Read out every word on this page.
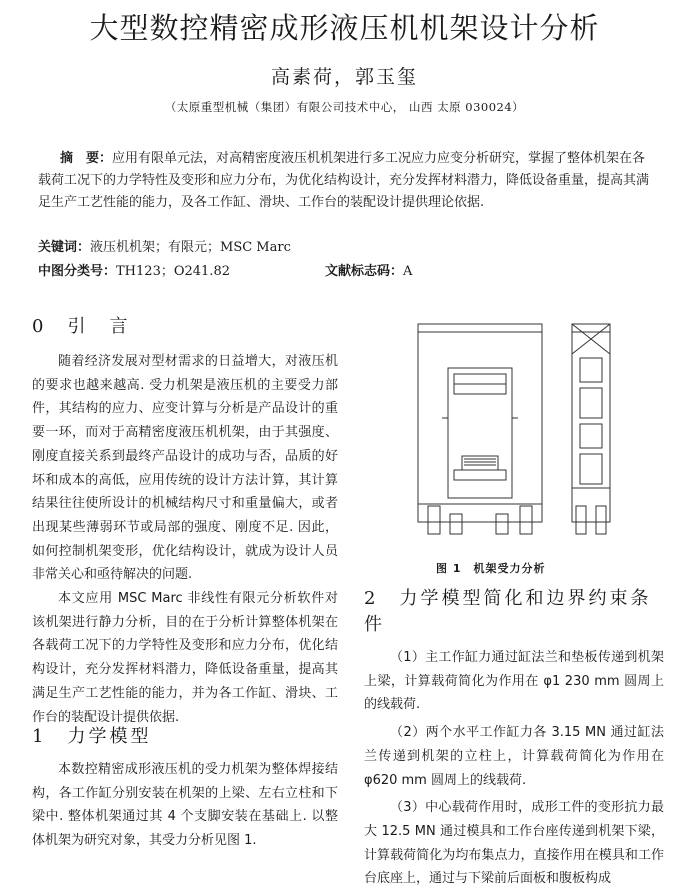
大型数控精密成形液压机机架设计分析
高素荷，郭玉玺
（太原重型机械（集团）有限公司技术中心， 山西 太原 030024）
摘　要：应用有限单元法，对高精密度液压机机架进行多工况应力应变分析研究，掌握了整体机架在各载荷工况下的力学特性及变形和应力分布，为优化结构设计，充分发挥材料潜力，降低设备重量，提高其满足生产工艺性能的能力，及各工作缸、滑块、工作台的装配设计提供理论依据.
关键词：液压机机架；有限元；MSC Marc
中图分类号：TH123；O241.82	文献标志码：A
0　引　言

随着经济发展对型材需求的日益增大，对液压机的要求也越来越高. 受力机架是液压机的主要受力部件，其结构的应力、应变计算与分析是产品设计的重要一环，而对于高精密度液压机机架，由于其强度、刚度直接关系到最终产品设计的成功与否，品质的好坏和成本的高低，应用传统的设计方法计算，其计算结果往往使所设计的机械结构尺寸和重量偏大，或者出现某些薄弱环节或局部的强度、刚度不足. 因此，如何控制机架变形，优化结构设计，就成为设计人员非常关心和亟待解决的问题.

本文应用 MSC Marc 非线性有限元分析软件对该机架进行静力分析，目的在于分析计算整体机架在各载荷工况下的力学特性及变形和应力分布，优化结构设计，充分发挥材料潜力，降低设备重量，提高其满足生产工艺性能的能力，并为各工作缸、滑块、工作台的装配设计提供依据.

1　力学模型

本数控精密成形液压机的受力机架为整体焊接结构，各工作缸分别安装在机架的上梁、左右立柱和下梁中. 整体机架通过其 4 个支脚安装在基础上. 以整体机架为研究对象，其受力分析见图 1.

图 1　机架受力分析
2　力学模型简化和边界约束条件

（1）主工作缸力通过缸法兰和垫板传递到机架上梁，计算载荷简化为作用在 φ1 230 mm 圆周上的线载荷.

（2）两个水平工作缸力各 3.15 MN 通过缸法兰传递到机架的立柱上，计算载荷简化为作用在 φ620 mm 圆周上的线载荷.

（3）中心载荷作用时，成形工件的变形抗力最大 12.5 MN 通过模具和工作台座传递到机架下梁，计算载荷简化为均布集点力，直接作用在模具和工作台底座上，通过与下梁前后面板和腹板构成
